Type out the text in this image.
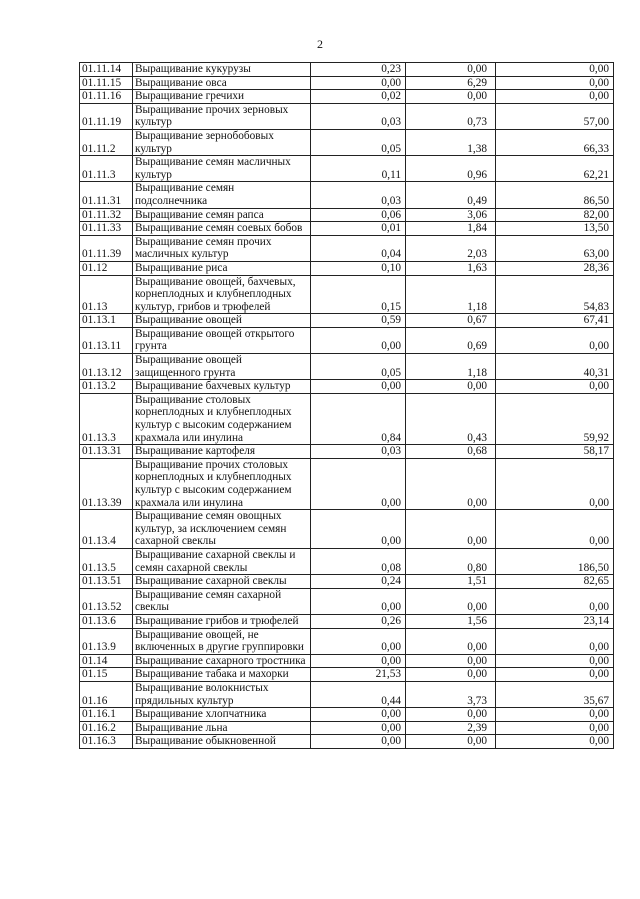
2
01.11.14	Выращивание кукурузы	0,23	0,00	0,00
01.11.15	Выращивание овса	0,00	6,29	0,00
01.11.16	Выращивание гречихи	0,02	0,00	0,00
01.11.19	Выращивание прочих зерновых культур	0,03	0,73	57,00
01.11.2	Выращивание зернобобовых культур	0,05	1,38	66,33
01.11.3	Выращивание семян масличных культур	0,11	0,96	62,21
01.11.31	Выращивание семян подсолнечника	0,03	0,49	86,50
01.11.32	Выращивание семян рапса	0,06	3,06	82,00
01.11.33	Выращивание семян соевых бобов	0,01	1,84	13,50
01.11.39	Выращивание семян прочих масличных культур	0,04	2,03	63,00
01.12	Выращивание риса	0,10	1,63	28,36
01.13	Выращивание овощей, бахчевых, корнеплодных и клубнеплодных культур, грибов и трюфелей	0,15	1,18	54,83
01.13.1	Выращивание овощей	0,59	0,67	67,41
01.13.11	Выращивание овощей открытого грунта	0,00	0,69	0,00
01.13.12	Выращивание овощей защищенного грунта	0,05	1,18	40,31
01.13.2	Выращивание бахчевых культур	0,00	0,00	0,00
01.13.3	Выращивание столовых корнеплодных и клубнеплодных культур с высоким содержанием крахмала или инулина	0,84	0,43	59,92
01.13.31	Выращивание картофеля	0,03	0,68	58,17
01.13.39	Выращивание прочих столовых корнеплодных и клубнеплодных культур с высоким содержанием крахмала или инулина	0,00	0,00	0,00
01.13.4	Выращивание семян овощных культур, за исключением семян сахарной свеклы	0,00	0,00	0,00
01.13.5	Выращивание сахарной свеклы и семян сахарной свеклы	0,08	0,80	186,50
01.13.51	Выращивание сахарной свеклы	0,24	1,51	82,65
01.13.52	Выращивание семян сахарной свеклы	0,00	0,00	0,00
01.13.6	Выращивание грибов и трюфелей	0,26	1,56	23,14
01.13.9	Выращивание овощей, не включенных в другие группировки	0,00	0,00	0,00
01.14	Выращивание сахарного тростника	0,00	0,00	0,00
01.15	Выращивание табака и махорки	21,53	0,00	0,00
01.16	Выращивание волокнистых прядильных культур	0,44	3,73	35,67
01.16.1	Выращивание хлопчатника	0,00	0,00	0,00
01.16.2	Выращивание льна	0,00	2,39	0,00
01.16.3	Выращивание обыкновенной	0,00	0,00	0,00
